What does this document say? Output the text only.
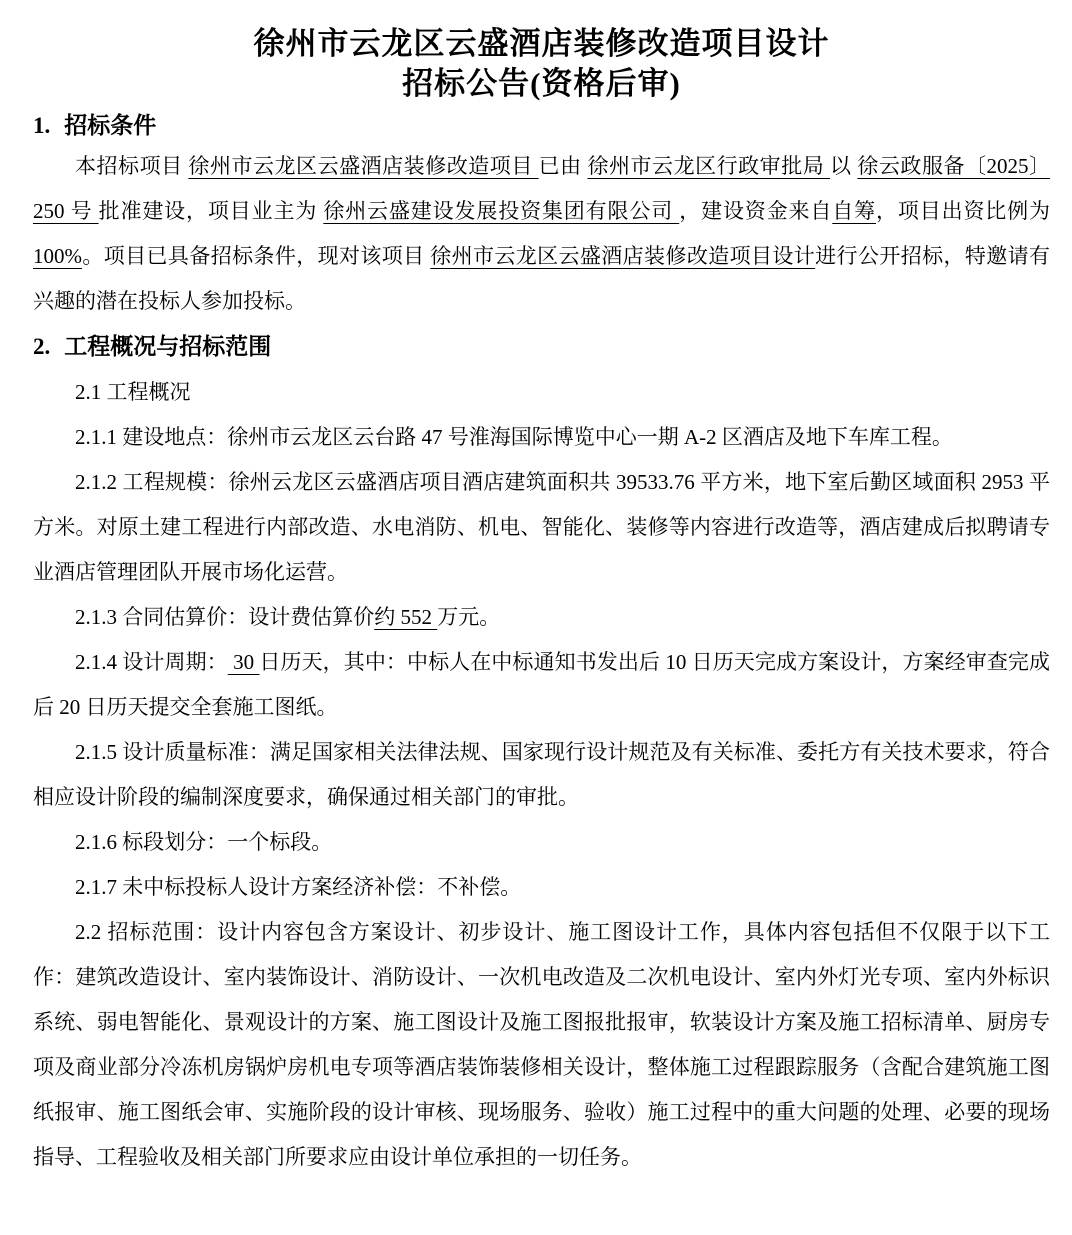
徐州市云龙区云盛酒店装修改造项目设计
招标公告(资格后审)
1. 招标条件

本招标项目 徐州市云龙区云盛酒店装修改造项目 已由 徐州市云龙区行政审批局 以 徐云政服备〔2025〕250 号 批准建设，项目业主为 徐州云盛建设发展投资集团有限公司 ，建设资金来自自筹，项目出资比例为 100%。项目已具备招标条件，现对该项目 徐州市云龙区云盛酒店装修改造项目设计进行公开招标，特邀请有兴趣的潜在投标人参加投标。

2. 工程概况与招标范围

2.1 工程概况

2.1.1 建设地点：徐州市云龙区云台路 47 号淮海国际博览中心一期 A-2 区酒店及地下车库工程。

2.1.2 工程规模：徐州云龙区云盛酒店项目酒店建筑面积共 39533.76 平方米，地下室后勤区域面积 2953 平方米。对原土建工程进行内部改造、水电消防、机电、智能化、装修等内容进行改造等，酒店建成后拟聘请专业酒店管理团队开展市场化运营。

2.1.3 合同估算价：设计费估算价约 552 万元。

2.1.4 设计周期： 30 日历天，其中：中标人在中标通知书发出后 10 日历天完成方案设计，方案经审查完成后 20 日历天提交全套施工图纸。

2.1.5 设计质量标准：满足国家相关法律法规、国家现行设计规范及有关标准、委托方有关技术要求，符合相应设计阶段的编制深度要求，确保通过相关部门的审批。

2.1.6 标段划分：一个标段。

2.1.7 未中标投标人设计方案经济补偿：不补偿。

2.2 招标范围：设计内容包含方案设计、初步设计、施工图设计工作，具体内容包括但不仅限于以下工作：建筑改造设计、室内装饰设计、消防设计、一次机电改造及二次机电设计、室内外灯光专项、室内外标识系统、弱电智能化、景观设计的方案、施工图设计及施工图报批报审，软装设计方案及施工招标清单、厨房专项及商业部分冷冻机房锅炉房机电专项等酒店装饰装修相关设计，整体施工过程跟踪服务（含配合建筑施工图纸报审、施工图纸会审、实施阶段的设计审核、现场服务、验收）施工过程中的重大问题的处理、必要的现场指导、工程验收及相关部门所要求应由设计单位承担的一切任务。
